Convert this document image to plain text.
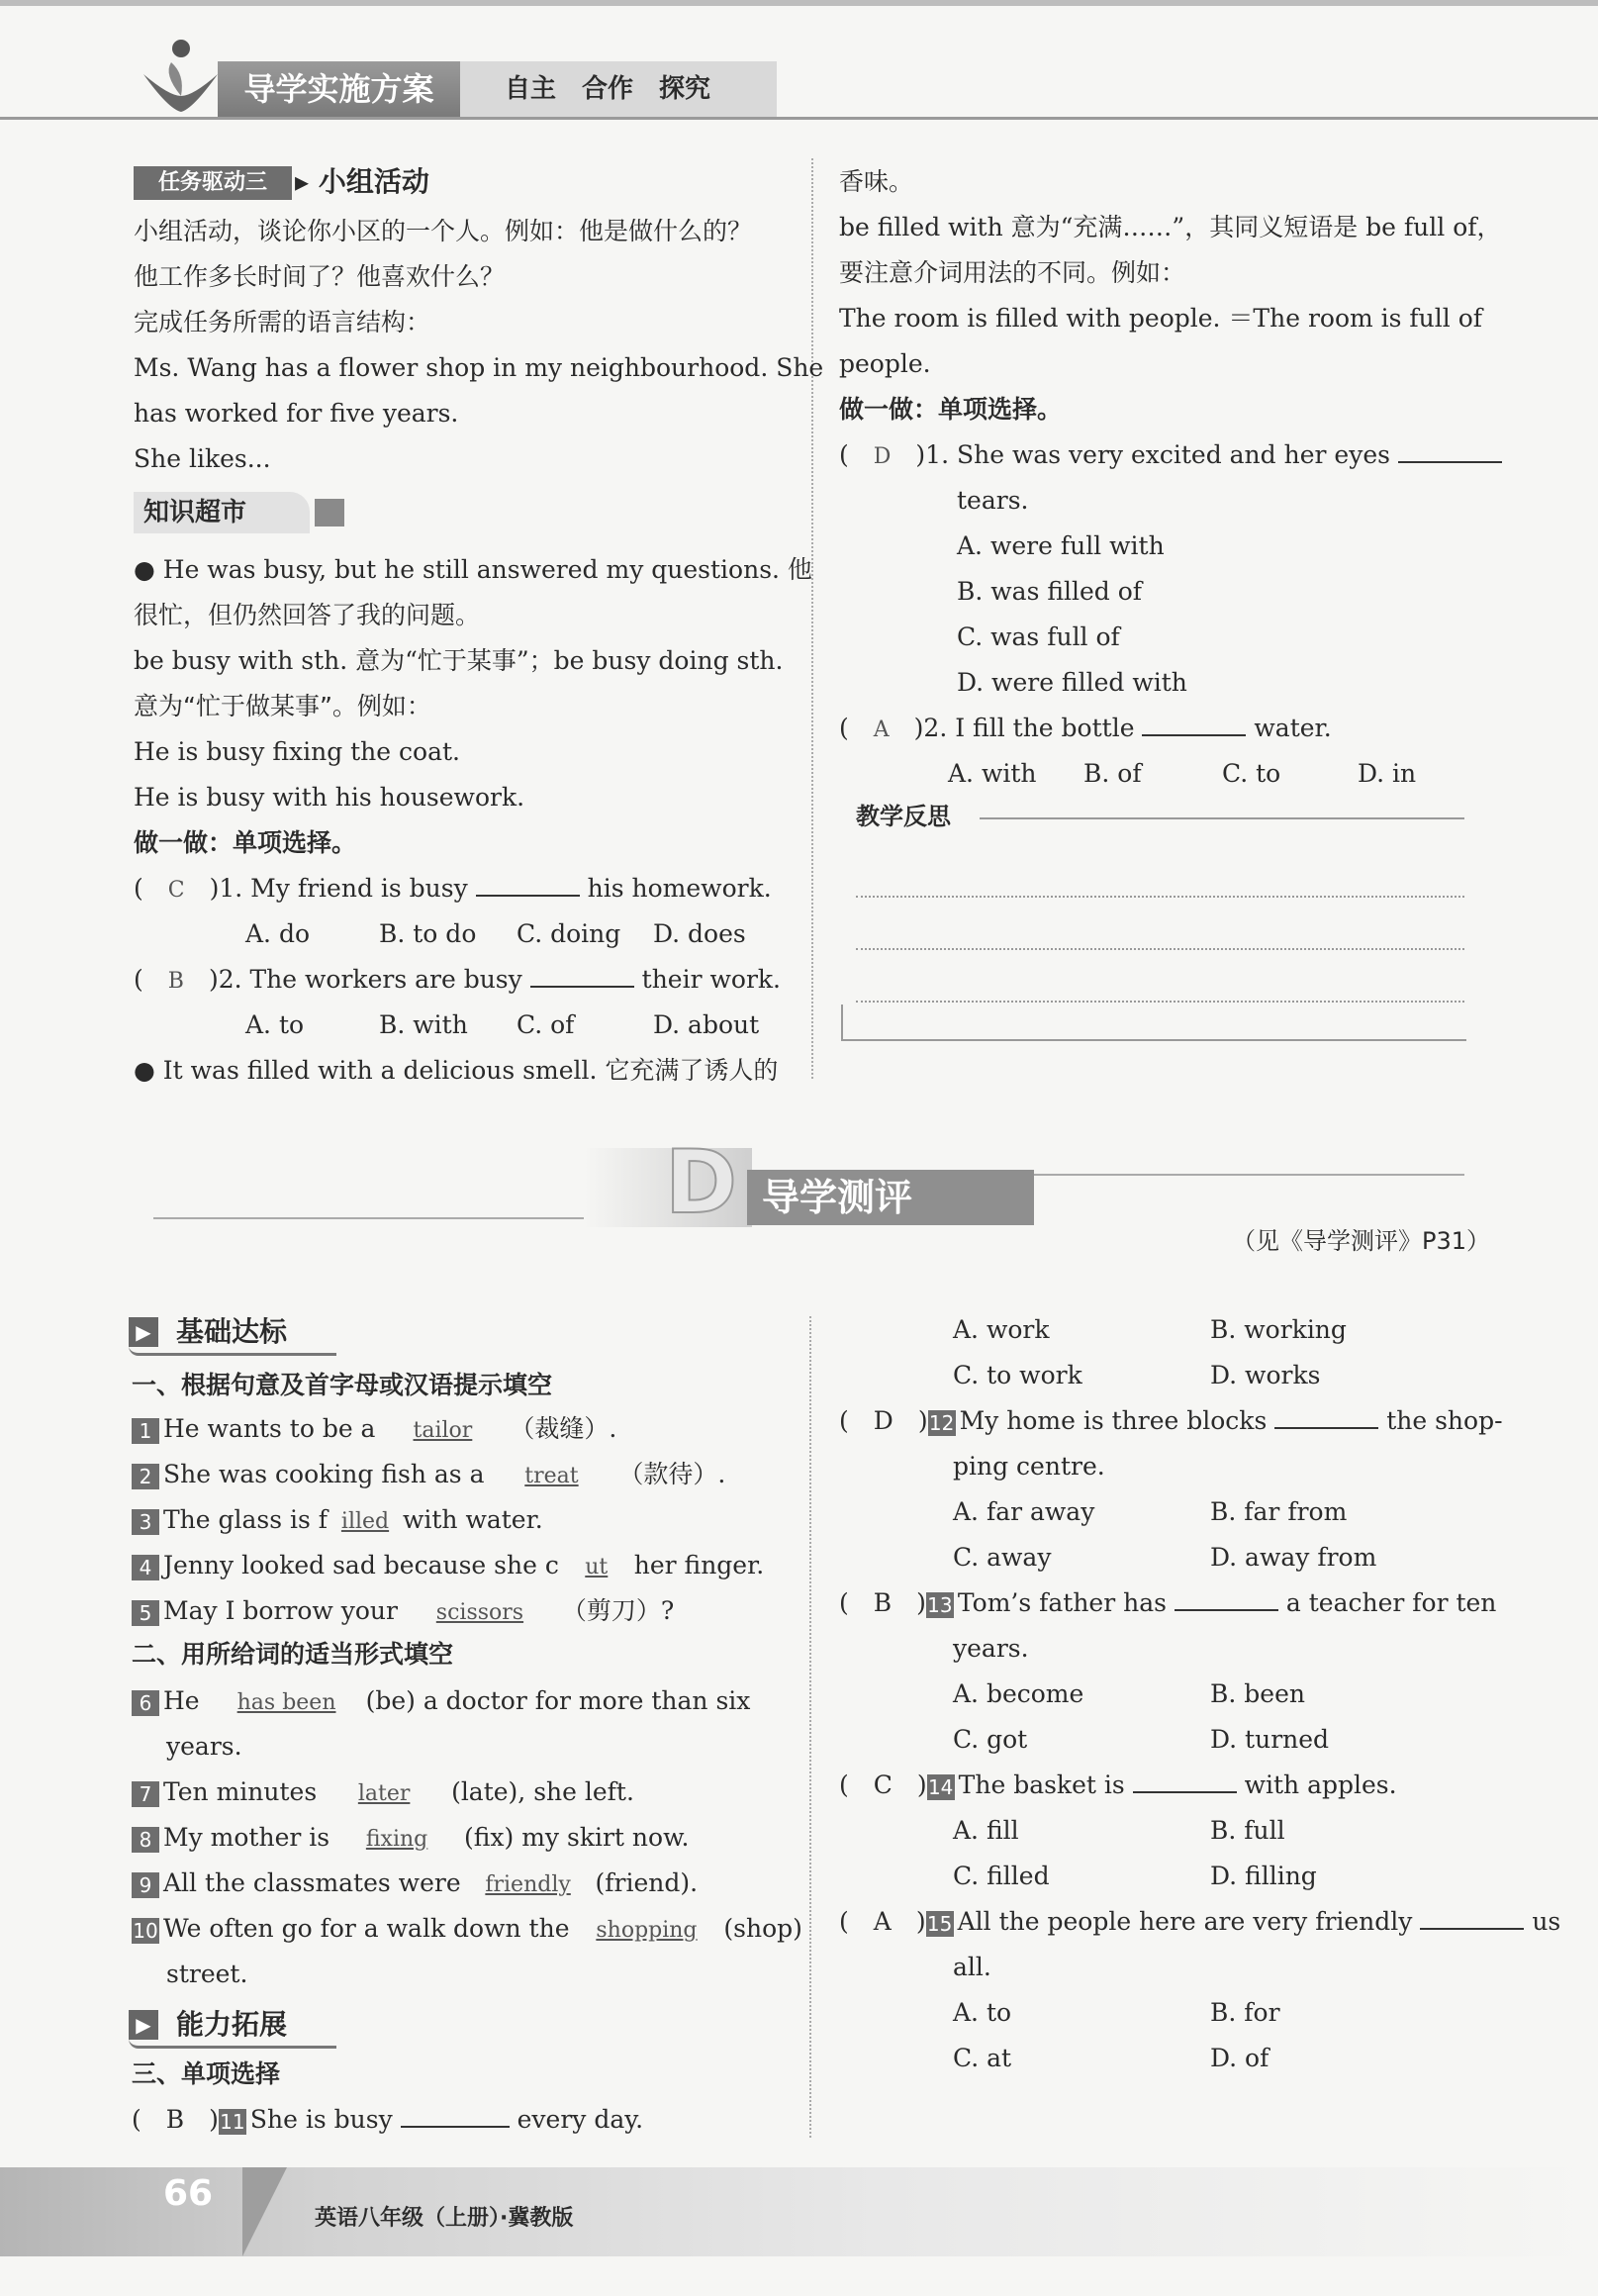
导学实施方案	自主　合作　探究
任务驱动三	▸ 小组活动
小组活动，谈论你小区的一个人。例如：他是做什么的？
他工作多长时间了？他喜欢什么？
完成任务所需的语言结构：
Ms. Wang has a flower shop in my neighbourhood. She
has worked for five years.
She likes...
知识超市
● He was busy, but he still answered my questions. 他
很忙，但仍然回答了我的问题。
be busy with sth. 意为“忙于某事”；be busy doing sth.
意为“忙于做某事”。例如：
He is busy fixing the coat.
He is busy with his housework.
做一做：单项选择。
(　C　 )1. My friend is busy	his homework.
A. do	B. to do C. doing D. does
(　B　 )2. The workers are busy	their work.
A. to	B. with C. of	D. about
● It was filled with a delicious smell. 它充满了诱人的
香味。
be filled with 意为“充满……”，其同义短语是 be full of，
要注意介词用法的不同。例如：
The room is filled with people. ＝The room is full of
people.
做一做：单项选择。
(　D　 )1. She was very excited and her eyes
tears.
A. were full with
B. was filled of
C. was full of
D. were filled with
(　A　 )2. I fill the bottle	water.
A. with B. of	C. to	D. in
教学反思
D 导学测评
（见《导学测评》P31）
▶ 基础达标
一、根据句意及首字母或汉语提示填空
1 He wants to be a tailor （裁缝）.
2 She was cooking fish as a treat （款待）.
3 The glass is f illed with water.
4 Jenny looked sad because she c ut her finger.
5 May I borrow your scissors （剪刀）?
二、用所给词的适当形式填空
6 He has been (be) a doctor for more than six
years.
7 Ten minutes later (late), she left.
8 My mother is fixing (fix) my skirt now.
9 All the classmates were friendly (friend).
10 We often go for a walk down the shopping (shop)
street.
▶ 能力拓展
三、单项选择
(　B　)11 She is busy	every day.
A. work	B. working
C. to work	D. works
(　D　)12 My home is three blocks	the shop-
ping centre.
A. far away	B. far from
C. away	D. away from
(　B　)13 Tom’s father has	a teacher for ten
years.
A. become	B. been
C. got	D. turned
(　C　)14 The basket is	with apples.
A. fill	B. full
C. filled	D. filling
(　A　)15 All the people here are very friendly	us
all.
A. to	B. for
C. at	D. of
66
英语八年级（上册）·冀教版
